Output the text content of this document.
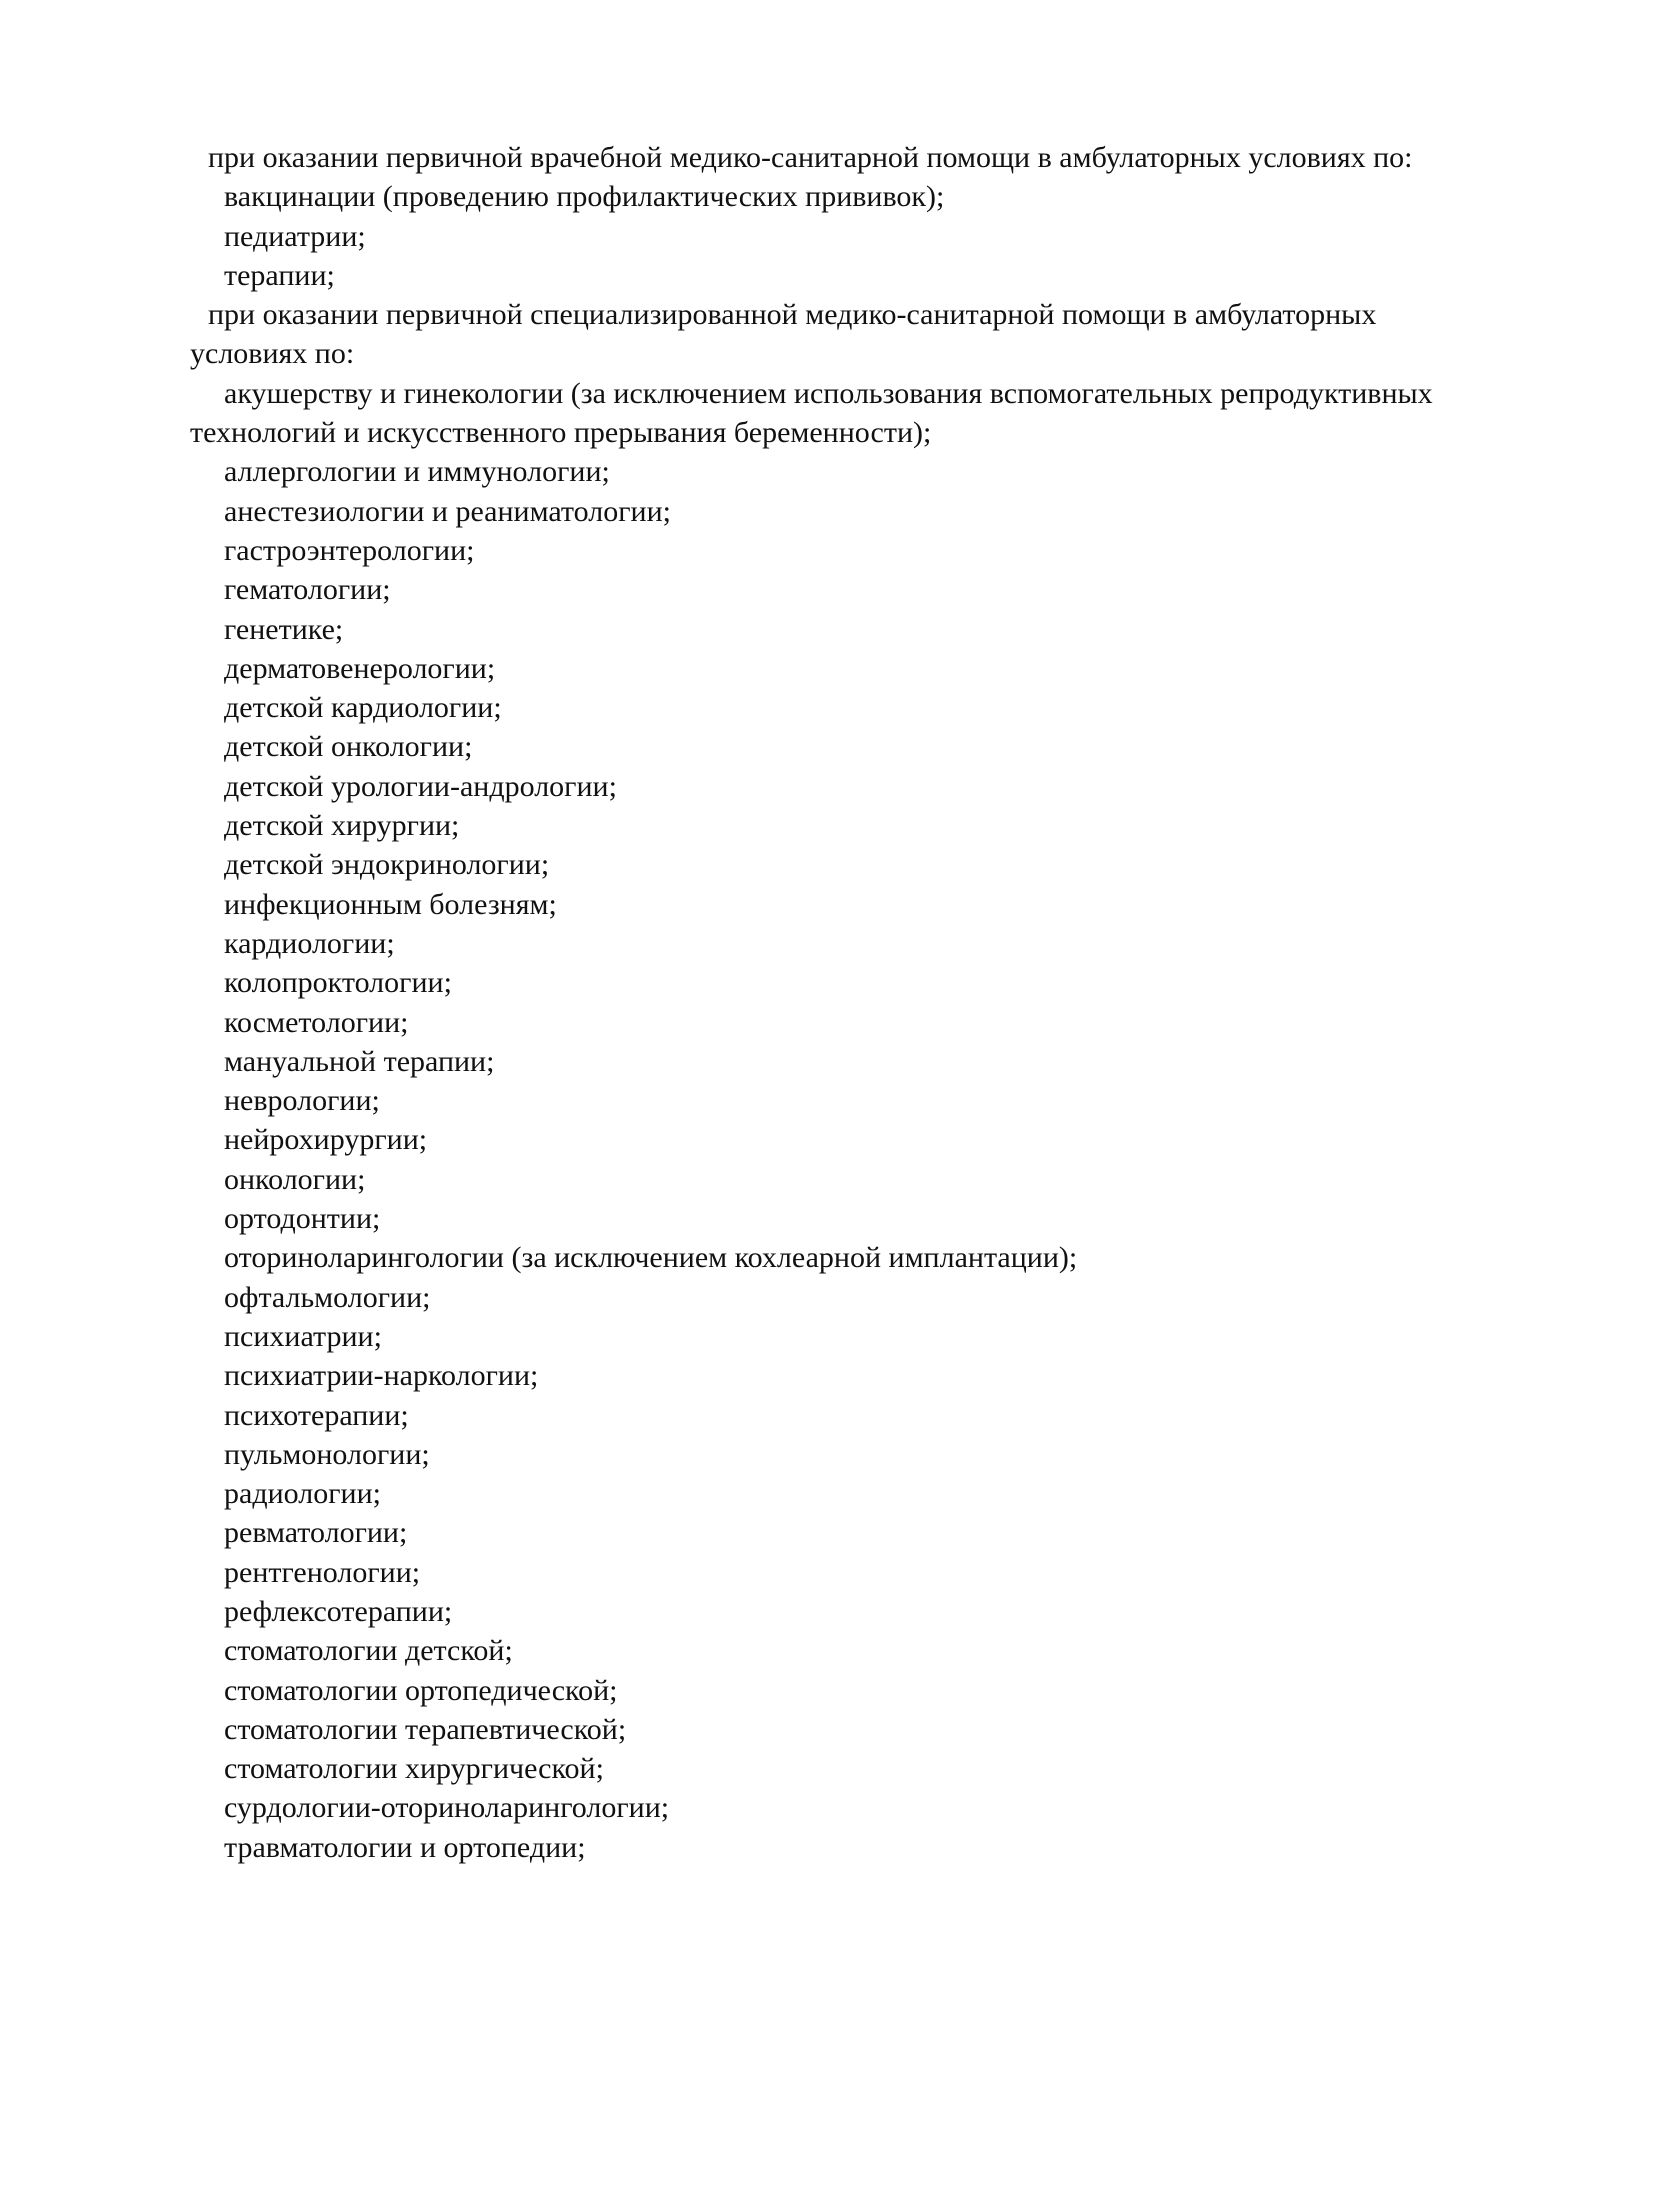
при оказании первичной врачебной медико-санитарной помощи в амбулаторных условиях по:

вакцинации (проведению профилактических прививок);

педиатрии;

терапии;

при оказании первичной специализированной медико-санитарной помощи в амбулаторных

условиях по:

акушерству и гинекологии (за исключением использования вспомогательных репродуктивных

технологий и искусственного прерывания беременности);

аллергологии и иммунологии;

анестезиологии и реаниматологии;

гастроэнтерологии;

гематологии;

генетике;

дерматовенерологии;

детской кардиологии;

детской онкологии;

детской урологии-андрологии;

детской хирургии;

детской эндокринологии;

инфекционным болезням;

кардиологии;

колопроктологии;

косметологии;

мануальной терапии;

неврологии;

нейрохирургии;

онкологии;

ортодонтии;

оториноларингологии (за исключением кохлеарной имплантации);

офтальмологии;

психиатрии;

психиатрии-наркологии;

психотерапии;

пульмонологии;

радиологии;

ревматологии;

рентгенологии;

рефлексотерапии;

стоматологии детской;

стоматологии ортопедической;

стоматологии терапевтической;

стоматологии хирургической;

сурдологии-оториноларингологии;

травматологии и ортопедии;
